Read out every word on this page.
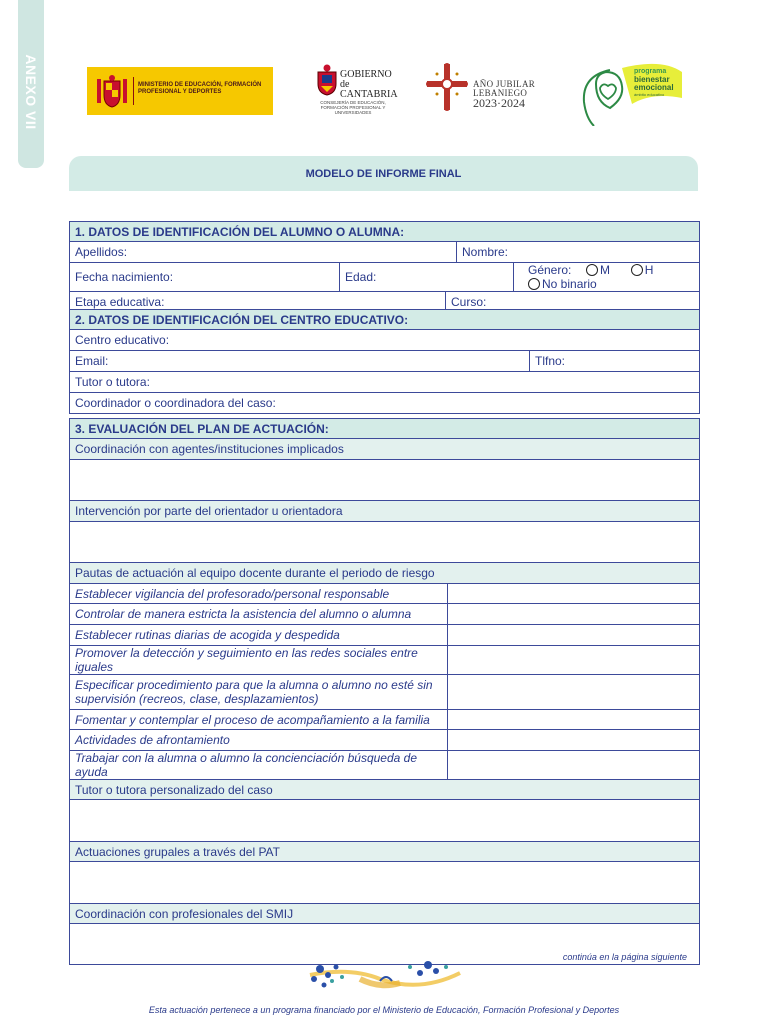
ANEXO VII	MINISTERIO DE EDUCACIÓN, FORMACIÓN PROFESIONAL Y DEPORTES
GOBIERNO
de
CANTABRIA
CONSEJERÍA DE EDUCACIÓN, FORMACIÓN PROFESIONAL Y UNIVERSIDADES
AÑO JUBILAR
LEBANIEGO
2023·2024
programa
bienestar
emocional
ámbito educativo
MODELO DE INFORME FINAL
1. DATOS DE IDENTIFICACIÓN DEL ALUMNO O ALUMNA:				
Apellidos:			Nombre:	
Fecha nacimiento:	Edad:			Género: M H  No binario
Etapa educativa:		Curso:		
2. DATOS DE IDENTIFICACIÓN DEL CENTRO EDUCATIVO:
Centro educativo:
Email:	Tlfno:
Tutor o tutora:
Coordinador o coordinadora del caso:
3. EVALUACIÓN DEL PLAN DE ACTUACIÓN:	
Coordinación con agentes/instituciones implicados	

Intervención por parte del orientador u orientadora	

Pautas de actuación al equipo docente durante el periodo de riesgo	
Establecer vigilancia del profesorado/personal responsable	
Controlar de manera estricta la asistencia del alumno o alumna	
Establecer rutinas diarias de acogida y despedida	
Promover la detección y seguimiento en las redes sociales entre iguales	
Especificar procedimiento para que la alumna o alumno no esté sin supervisión (recreos, clase, desplazamientos)	
Fomentar y contemplar el proceso de acompañamiento a la familia	
Actividades de afrontamiento	
Trabajar con la alumna o alumno la concienciación búsqueda de ayuda	
Tutor o tutora personalizado del caso	

Actuaciones grupales a través del PAT	

Coordinación con profesionales del SMIJ	

continúa en la página siguiente
Esta actuación pertenece a un programa financiado por el Ministerio de Educación, Formación Profesional y Deportes
